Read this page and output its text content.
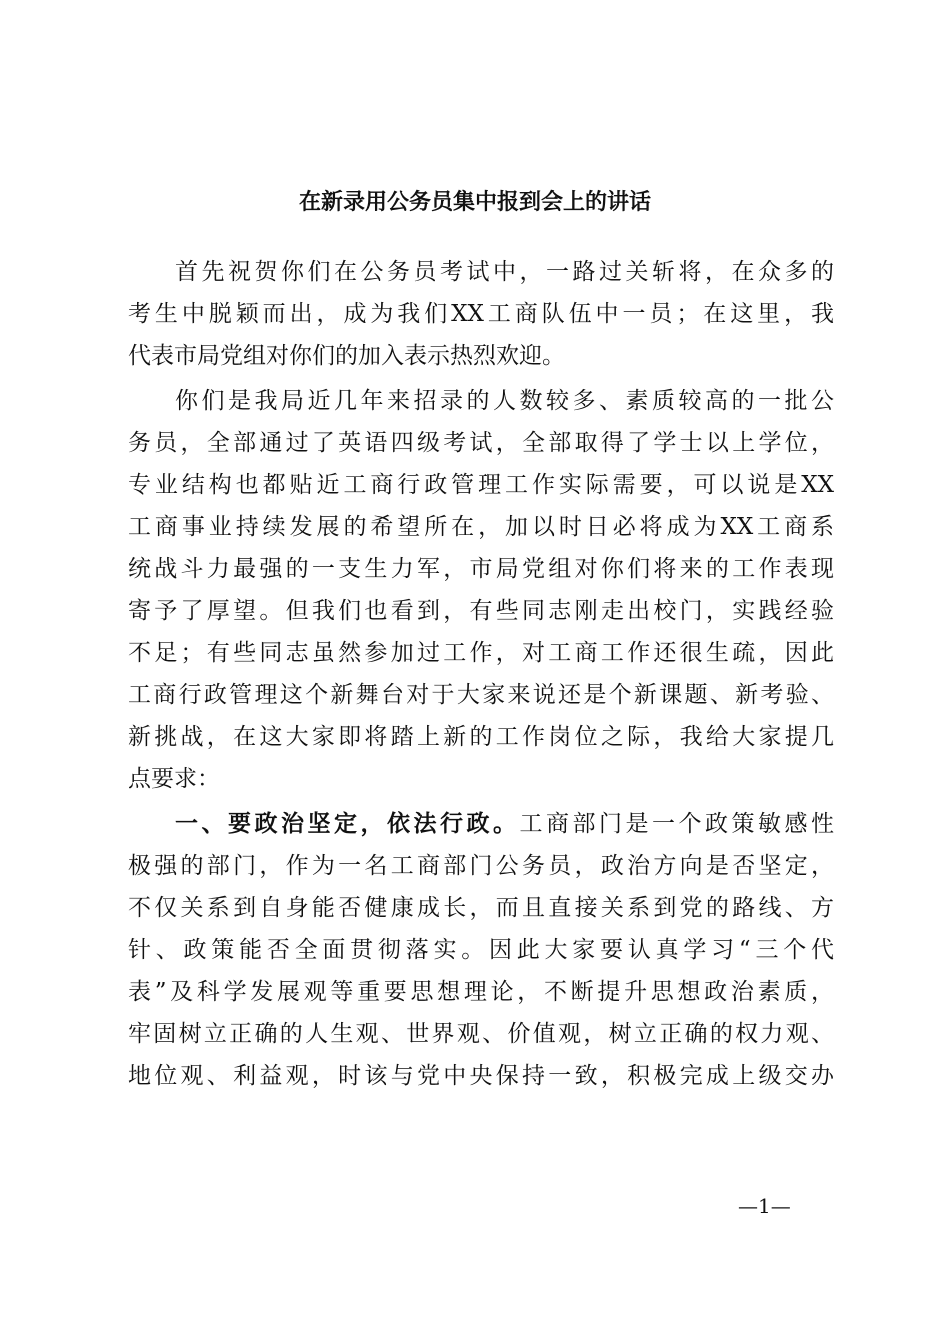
在新录用公务员集中报到会上的讲话
首先祝贺你们在公务员考试中，一路过关斩将，在众多的
考生中脱颖而出，成为我们XX工商队伍中一员；在这里，我
代表市局党组对你们的加入表示热烈欢迎。
你们是我局近几年来招录的人数较多、素质较高的一批公
务员，全部通过了英语四级考试，全部取得了学士以上学位，
专业结构也都贴近工商行政管理工作实际需要，可以说是XX
工商事业持续发展的希望所在，加以时日必将成为XX工商系
统战斗力最强的一支生力军，市局党组对你们将来的工作表现
寄予了厚望。但我们也看到，有些同志刚走出校门，实践经验
不足；有些同志虽然参加过工作，对工商工作还很生疏，因此
工商行政管理这个新舞台对于大家来说还是个新课题、新考验、
新挑战，在这大家即将踏上新的工作岗位之际，我给大家提几
点要求：
一、要政治坚定，依法行政。工商部门是一个政策敏感性
极强的部门，作为一名工商部门公务员，政治方向是否坚定，
不仅关系到自身能否健康成长，而且直接关系到党的路线、方
针、政策能否全面贯彻落实。因此大家要认真学习“三个代
表”及科学发展观等重要思想理论，不断提升思想政治素质，
牢固树立正确的人生观、世界观、价值观，树立正确的权力观、
地位观、利益观，时该与党中央保持一致，积极完成上级交办
—1—
